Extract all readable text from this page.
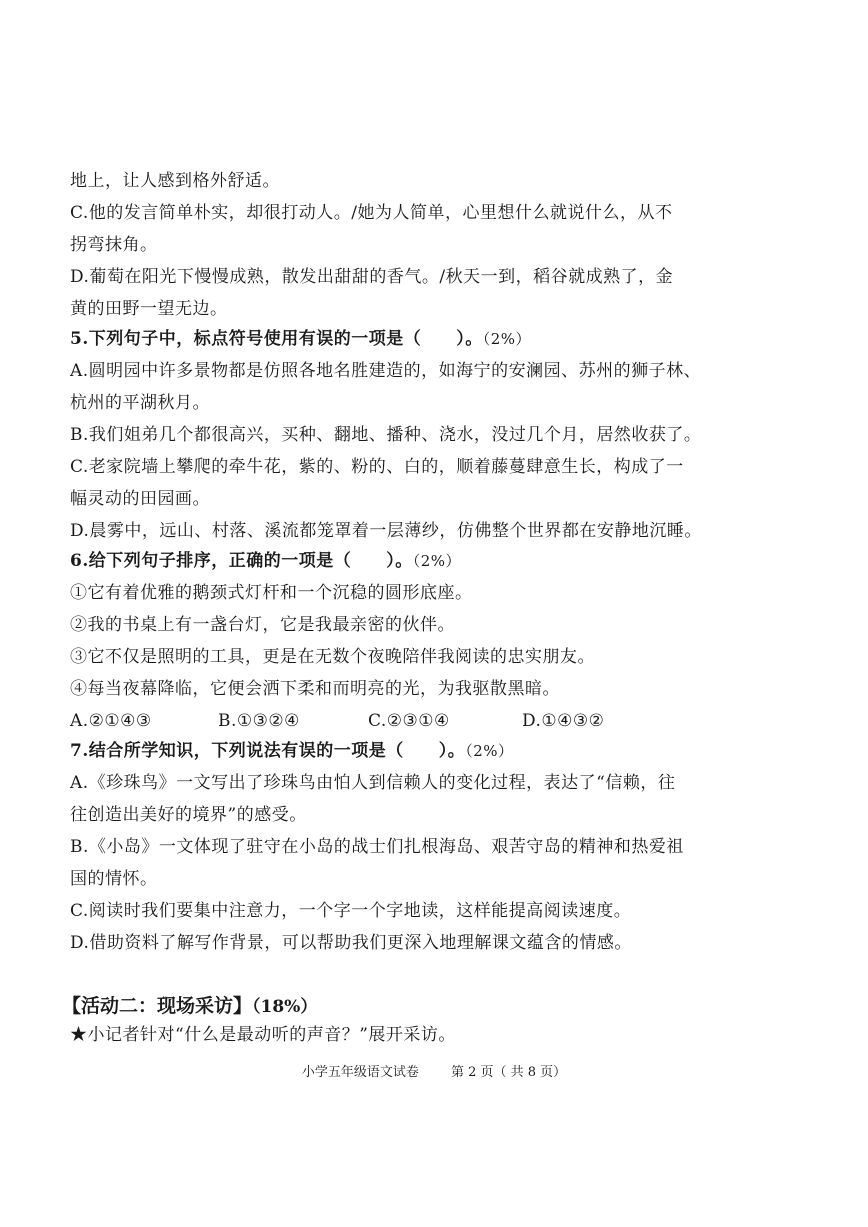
地上，让人感到格外舒适。
C.他的发言简单朴实，却很打动人。/她为人简单，心里想什么就说什么，从不
拐弯抹角。
D.葡萄在阳光下慢慢成熟，散发出甜甜的香气。/秋天一到，稻谷就成熟了，金
黄的田野一望无边。
5.下列句子中，标点符号使用有误的一项是（　　）。（2%）
A.圆明园中许多景物都是仿照各地名胜建造的，如海宁的安澜园、苏州的狮子林、
杭州的平湖秋月。
B.我们姐弟几个都很高兴，买种、翻地、播种、浇水，没过几个月，居然收获了。
C.老家院墙上攀爬的牵牛花，紫的、粉的、白的，顺着藤蔓肆意生长，构成了一
幅灵动的田园画。
D.晨雾中，远山、村落、溪流都笼罩着一层薄纱，仿佛整个世界都在安静地沉睡。
6.给下列句子排序，正确的一项是（　　）。（2%）
①它有着优雅的鹅颈式灯杆和一个沉稳的圆形底座。
②我的书桌上有一盏台灯，它是我最亲密的伙伴。
③它不仅是照明的工具，更是在无数个夜晚陪伴我阅读的忠实朋友。
④每当夜幕降临，它便会洒下柔和而明亮的光，为我驱散黑暗。
A.②①④③	B.①③②④	C.②③①④	D.①④③②
7.结合所学知识，下列说法有误的一项是（　　）。（2%）
A.《珍珠鸟》一文写出了珍珠鸟由怕人到信赖人的变化过程，表达了“信赖，往
往创造出美好的境界”的感受。
B.《小岛》一文体现了驻守在小岛的战士们扎根海岛、艰苦守岛的精神和热爱祖
国的情怀。
C.阅读时我们要集中注意力，一个字一个字地读，这样能提高阅读速度。
D.借助资料了解写作背景，可以帮助我们更深入地理解课文蕴含的情感。
【活动二：现场采访】（18%）
★小记者针对“什么是最动听的声音？”展开采访。
小学五年级语文试卷 第 2 页（ 共 8 页）
